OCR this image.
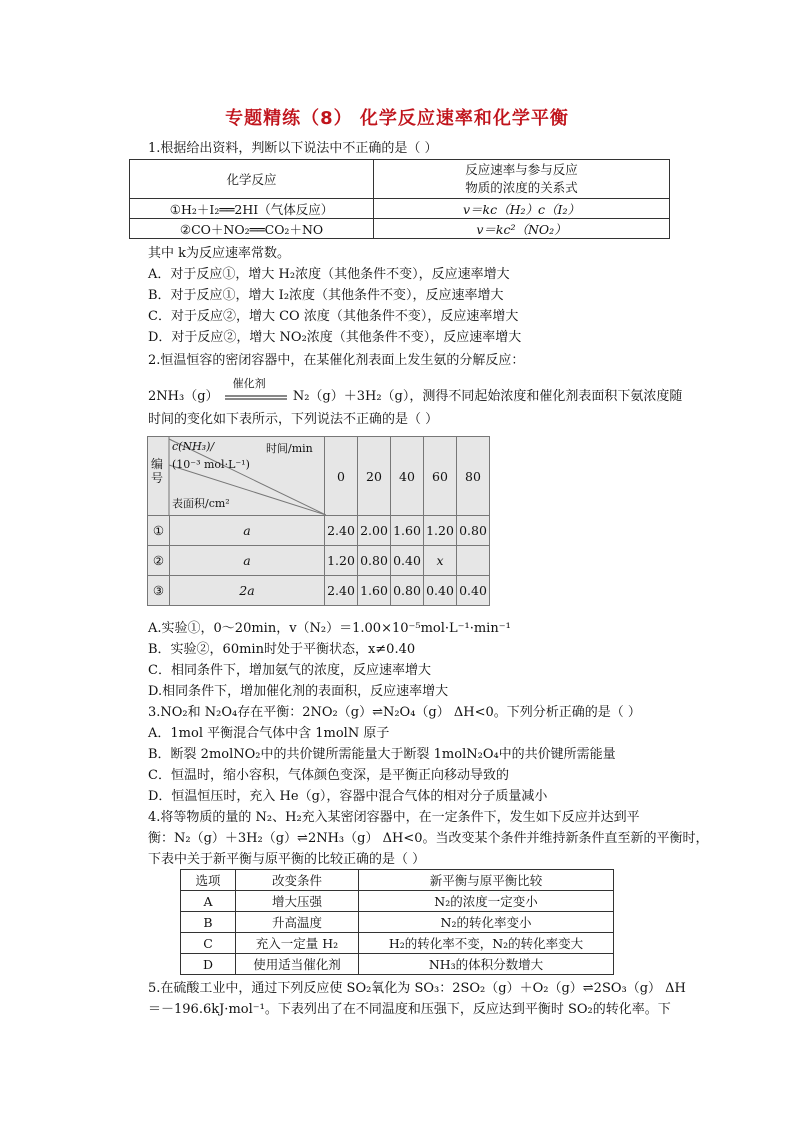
专题精练（8） 化学反应速率和化学平衡
1.根据给出资料，判断以下说法中不正确的是（ ）
化学反应	反应速率与参与反应
物质的浓度的关系式
①H₂＋I₂══2HI（气体反应）	v＝kc（H₂）c（I₂）
②CO＋NO₂══CO₂＋NO	v＝kc²（NO₂）
其中 k为反应速率常数。
A．对于反应①，增大 H₂浓度（其他条件不变），反应速率增大
B．对于反应①，增大 I₂浓度（其他条件不变），反应速率增大
C．对于反应②，增大 CO 浓度（其他条件不变），反应速率增大
D．对于反应②，增大 NO₂浓度（其他条件不变），反应速率增大
2.恒温恒容的密闭容器中，在某催化剂表面上发生氨的分解反应：
2NH₃（g）
催化剂
N₂（g）＋3H₂（g），测得不同起始浓度和催化剂表面积下氨浓度随
时间的变化如下表所示，下列说法不正确的是（ ）
编号
c(NH₃)/
(10⁻³ mol·L⁻¹)
时间/min
表面积/cm²		0	20	40	60	80
①	a	2.40	2.00	1.60	1.20	0.80
②	a	1.20	0.80	0.40	x	
③	2a	2.40	1.60	0.80	0.40	0.40
A.实验①，0～20min，v（N₂）＝1.00×10⁻⁵mol·L⁻¹·min⁻¹
B．实验②，60min时处于平衡状态，x≠0.40
C．相同条件下，增加氨气的浓度，反应速率增大
D.相同条件下，增加催化剂的表面积，反应速率增大
3.NO₂和 N₂O₄存在平衡：2NO₂（g）⇌N₂O₄（g） ΔH<0。下列分析正确的是（ ）
A．1mol 平衡混合气体中含 1molN 原子
B．断裂 2molNO₂中的共价键所需能量大于断裂 1molN₂O₄中的共价键所需能量
C．恒温时，缩小容积，气体颜色变深，是平衡正向移动导致的
D．恒温恒压时，充入 He（g），容器中混合气体的相对分子质量减小
4.将等物质的量的 N₂、H₂充入某密闭容器中，在一定条件下，发生如下反应并达到平
衡：N₂（g）＋3H₂（g）⇌2NH₃（g） ΔH<0。当改变某个条件并维持新条件直至新的平衡时，
下表中关于新平衡与原平衡的比较正确的是（ ）
选项	改变条件	新平衡与原平衡比较
A	增大压强	N₂的浓度一定变小
B	升高温度	N₂的转化率变小
C	充入一定量 H₂	H₂的转化率不变，N₂的转化率变大
D	使用适当催化剂	NH₃的体积分数增大
5.在硫酸工业中，通过下列反应使 SO₂氧化为 SO₃：2SO₂（g）＋O₂（g）⇌2SO₃（g） ΔH
＝－196.6kJ·mol⁻¹。下表列出了在不同温度和压强下，反应达到平衡时 SO₂的转化率。下
